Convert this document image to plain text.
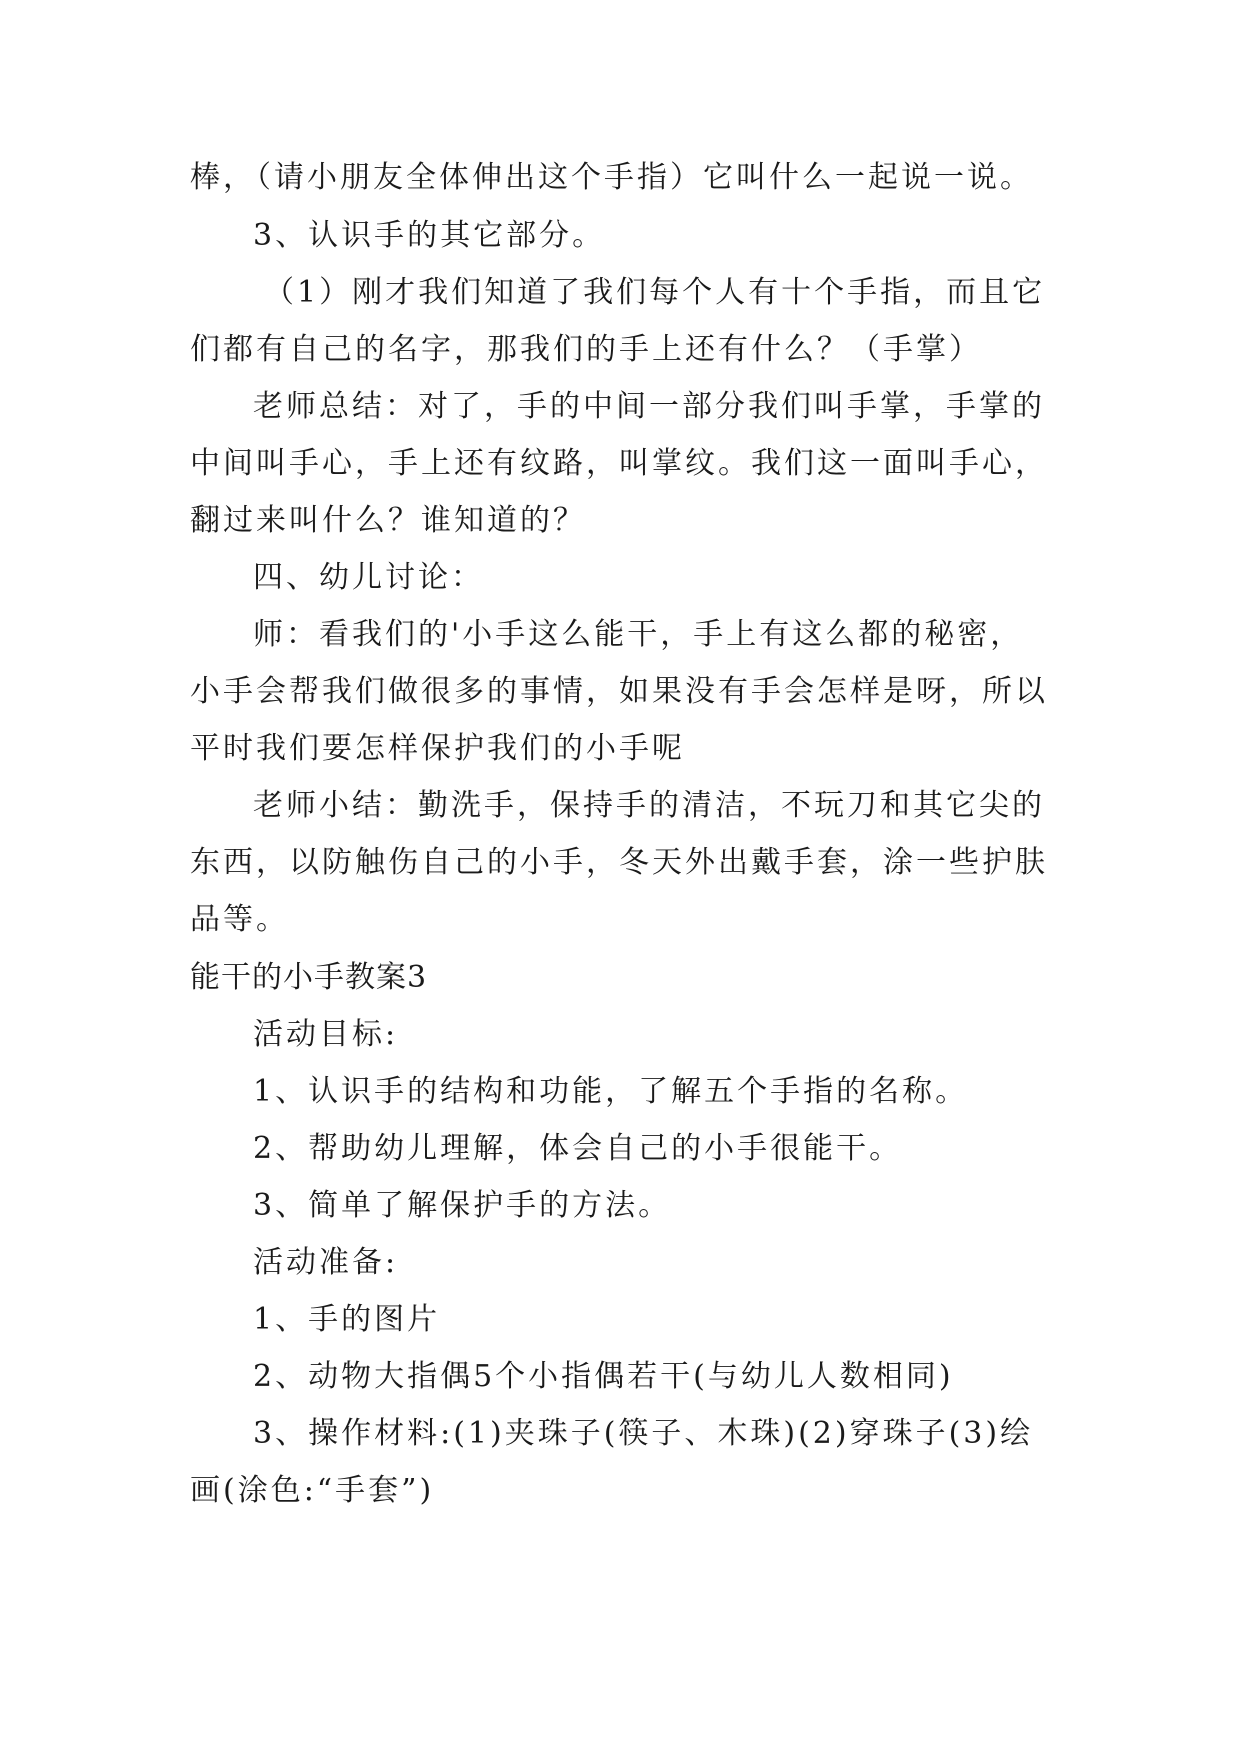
棒，（请小朋友全体伸出这个手指）它叫什么一起说一说。
3、认识手的其它部分。
（1）刚才我们知道了我们每个人有十个手指，而且它
们都有自己的名字，那我们的手上还有什么？（手掌）
老师总结：对了，手的中间一部分我们叫手掌，手掌的
中间叫手心，手上还有纹路，叫掌纹。我们这一面叫手心，
翻过来叫什么？谁知道的？
四、幼儿讨论：
师：看我们的'小手这么能干，手上有这么都的秘密，
小手会帮我们做很多的事情，如果没有手会怎样是呀，所以
平时我们要怎样保护我们的小手呢
老师小结：勤洗手，保持手的清洁，不玩刀和其它尖的
东西，以防触伤自己的小手，冬天外出戴手套，涂一些护肤
品等。
能干的小手教案3
活动目标:
1、认识手的结构和功能，了解五个手指的名称。
2、帮助幼儿理解，体会自己的小手很能干。
3、简单了解保护手的方法。
活动准备:
1、手的图片
2、动物大指偶5个小指偶若干(与幼儿人数相同)
3、操作材料:(1)夹珠子(筷子、木珠)(2)穿珠子(3)绘
画(涂色:“手套”)
